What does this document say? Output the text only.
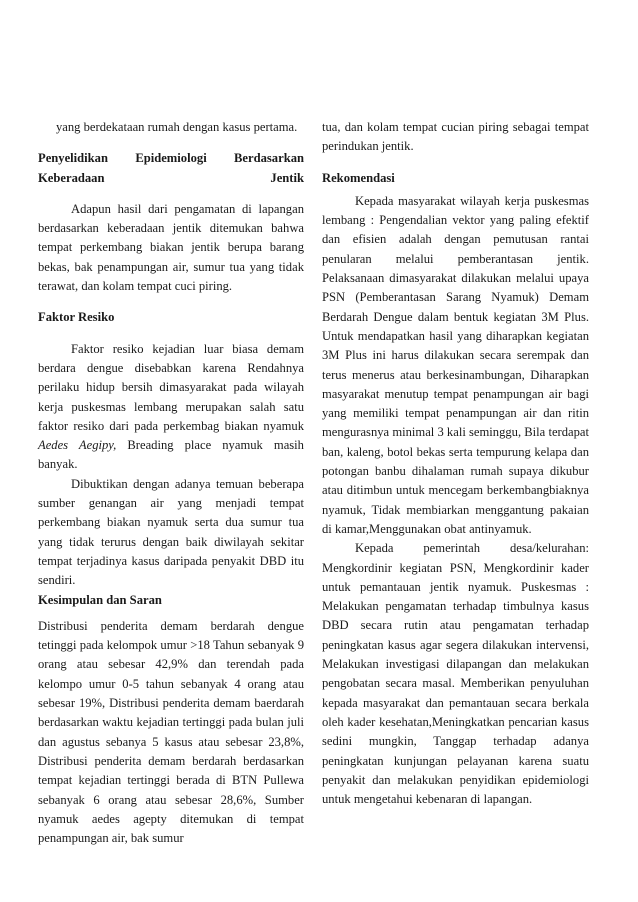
yang berdekataan rumah dengan kasus pertama.

Penyelidikan Epidemiologi Berdasarkan Keberadaan Jentik

Adapun hasil dari pengamatan di lapangan berdasarkan keberadaan jentik ditemukan bahwa tempat perkembang biakan jentik berupa barang bekas, bak penampungan air, sumur tua yang tidak terawat, dan kolam tempat cuci piring.

Faktor Resiko

Faktor resiko kejadian luar biasa demam berdara dengue disebabkan karena Rendahnya perilaku hidup bersih dimasyarakat pada wilayah kerja puskesmas lembang merupakan salah satu faktor resiko dari pada perkembag biakan nyamuk Aedes Aegipy, Breading place nyamuk masih banyak.

Dibuktikan dengan adanya temuan beberapa sumber genangan air yang menjadi tempat perkembang biakan nyamuk serta dua sumur tua yang tidak terurus dengan baik diwilayah sekitar tempat terjadinya kasus daripada penyakit DBD itu sendiri.

Kesimpulan dan Saran

Distribusi penderita demam berdarah dengue tetinggi pada kelompok umur >18 Tahun sebanyak 9 orang atau sebesar 42,9% dan terendah pada kelompo umur 0-5 tahun sebanyak 4 orang atau sebesar 19%, Distribusi penderita demam baerdarah berdasarkan waktu kejadian tertinggi pada bulan juli dan agustus sebanya 5 kasus atau sebesar 23,8%, Distribusi penderita demam berdarah berdasarkan tempat kejadian tertinggi berada di BTN Pullewa sebanyak 6 orang atau sebesar 28,6%, Sumber nyamuk aedes agepty ditemukan di tempat penampungan air, bak sumur

tua, dan kolam tempat cucian piring sebagai tempat perindukan jentik.

Rekomendasi

Kepada masyarakat wilayah kerja puskesmas lembang : Pengendalian vektor yang paling efektif dan efisien adalah dengan pemutusan rantai penularan melalui pemberantasan jentik. Pelaksanaan dimasyarakat dilakukan melalui upaya PSN (Pemberantasan Sarang Nyamuk) Demam Berdarah Dengue dalam bentuk kegiatan 3M Plus. Untuk mendapatkan hasil yang diharapkan kegiatan 3M Plus ini harus dilakukan secara serempak dan terus menerus atau berkesinambungan, Diharapkan masyarakat menutup tempat penampungan air bagi yang memiliki tempat penampungan air dan ritin mengurasnya minimal 3 kali seminggu, Bila terdapat ban, kaleng, botol bekas serta tempurung kelapa dan potongan banbu dihalaman rumah supaya dikubur atau ditimbun untuk mencegam berkembangbiaknya nyamuk, Tidak membiarkan menggantung pakaian di kamar,Menggunakan obat antinyamuk.

Kepada pemerintah desa/kelurahan: Mengkordinir kegiatan PSN, Mengkordinir kader untuk pemantauan jentik nyamuk. Puskesmas : Melakukan pengamatan terhadap timbulnya kasus DBD secara rutin atau pengamatan terhadap peningkatan kasus agar segera dilakukan intervensi, Melakukan investigasi dilapangan dan melakukan pengobatan secara masal. Memberikan penyuluhan kepada masyarakat dan pemantauan secara berkala oleh kader kesehatan,Meningkatkan pencarian kasus sedini mungkin, Tanggap terhadap adanya peningkatan kunjungan pelayanan karena suatu penyakit dan melakukan penyidikan epidemiologi untuk mengetahui kebenaran di lapangan.
